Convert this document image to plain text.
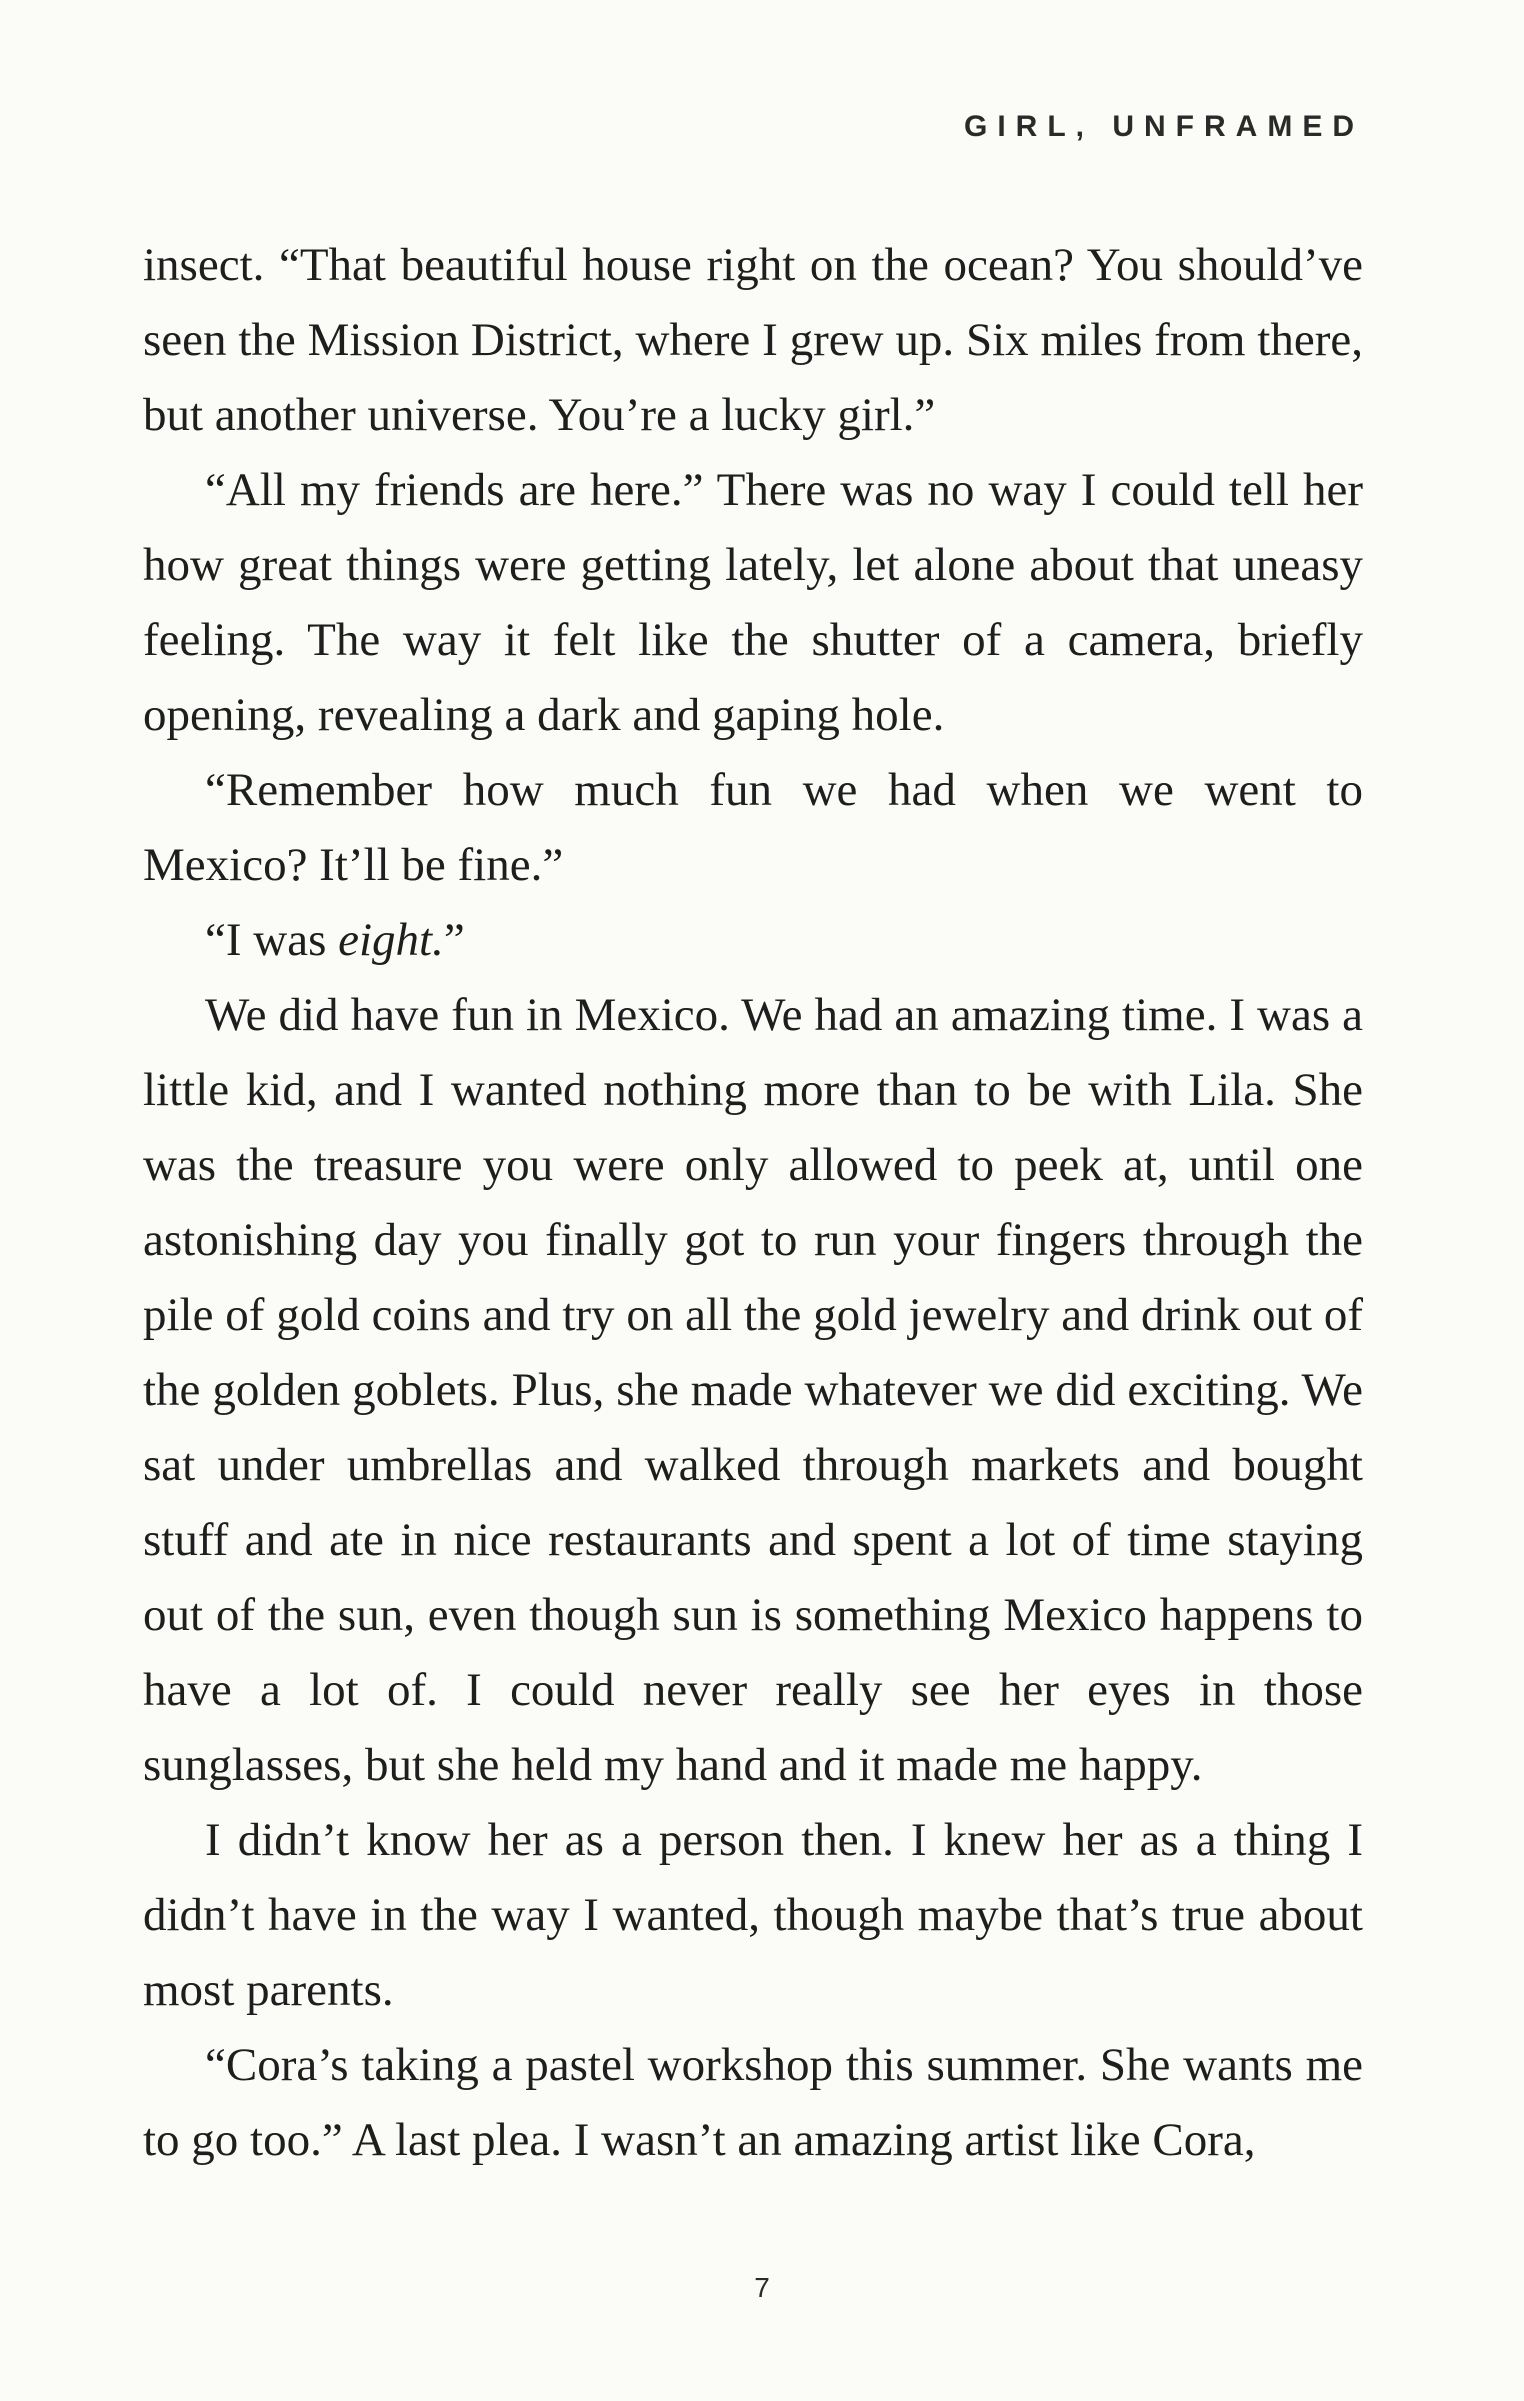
GIRL, UNFRAMED

insect. “That beautiful house right on the ocean? You should’ve seen the Mission District, where I grew up. Six miles from there, but another universe. You’re a lucky girl.”

“All my friends are here.” There was no way I could tell her how great things were getting lately, let alone about that uneasy feeling. The way it felt like the shutter of a camera, briefly opening, revealing a dark and gaping hole.

“Remember how much fun we had when we went to Mexico? It’ll be fine.”

“I was eight.”

We did have fun in Mexico. We had an amazing time. I was a little kid, and I wanted nothing more than to be with Lila. She was the treasure you were only allowed to peek at, until one astonishing day you finally got to run your fingers through the pile of gold coins and try on all the gold jewelry and drink out of the golden goblets. Plus, she made whatever we did exciting. We sat under umbrellas and walked through markets and bought stuff and ate in nice restaurants and spent a lot of time staying out of the sun, even though sun is something Mexico happens to have a lot of. I could never really see her eyes in those sunglasses, but she held my hand and it made me happy.

I didn’t know her as a person then. I knew her as a thing I didn’t have in the way I wanted, though maybe that’s true about most parents.

“Cora’s taking a pastel workshop this summer. She wants me to go too.” A last plea. I wasn’t an amazing artist like Cora,

7
